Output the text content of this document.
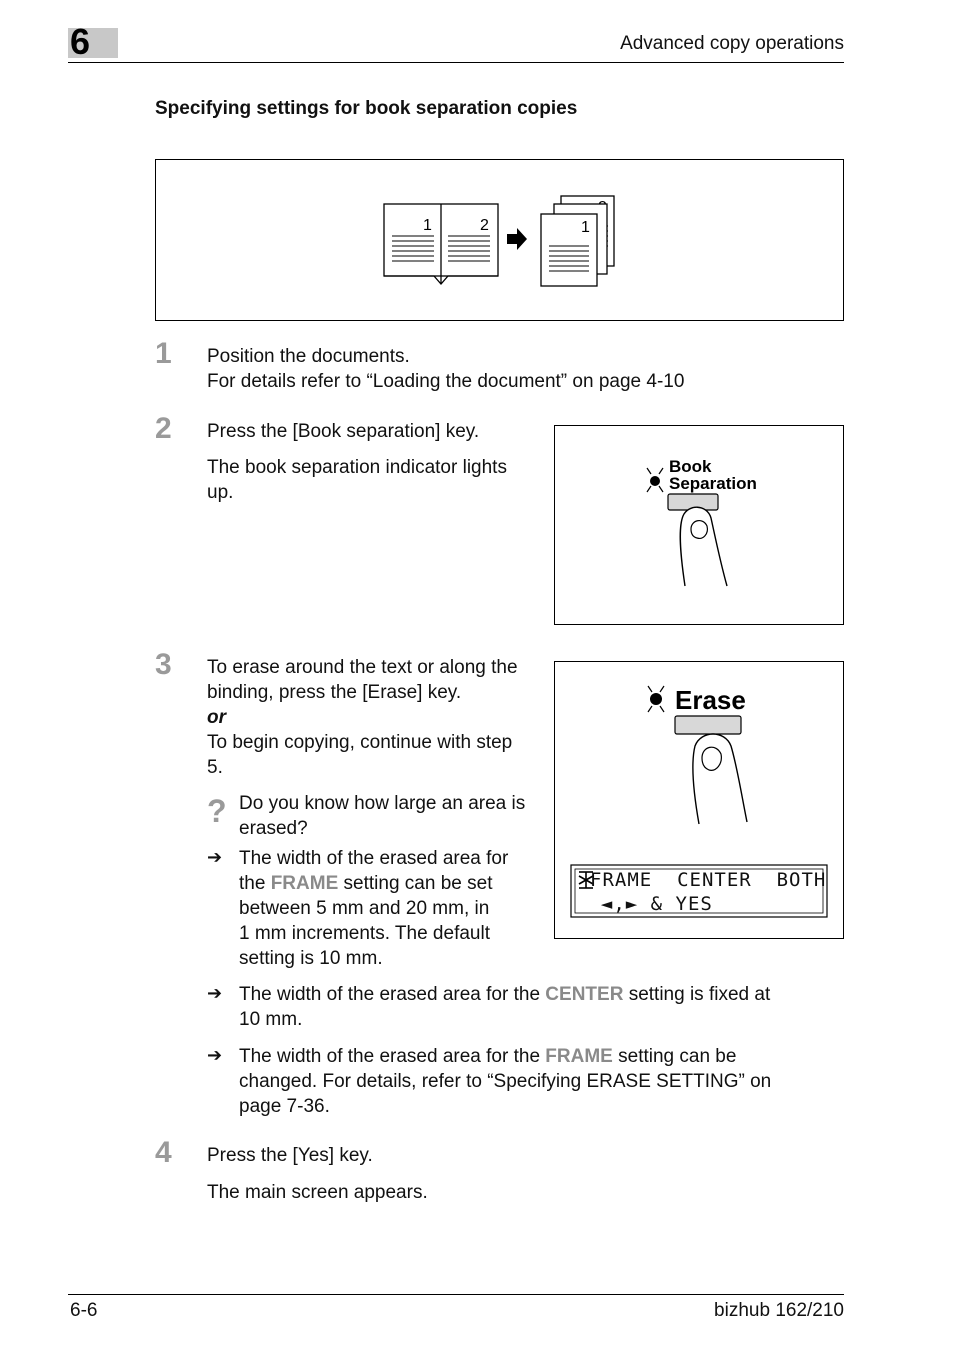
6	Advanced copy operations
Specifying settings for book separation copies
1	2	1
1 Position the documents.
For details refer to “Loading the document” on page 4-10
2 Press the [Book separation] key.
The book separation indicator lights
up.
Book
Separation
3 To erase around the text or along the
binding, press the [Erase] key.
or
To begin copying, continue with step
5.
? Do you know how large an area is
erased?
➔ The width of the erased area for
the FRAME setting can be set
between 5 mm and 20 mm, in
1 mm increments. The default
setting is 10 mm.
Erase
FRAME  CENTER  BOTH
◄,► & YES
➔ The width of the erased area for the CENTER setting is fixed at
10 mm.
➔ The width of the erased area for the FRAME setting can be
changed. For details, refer to “Specifying ERASE SETTING” on
page 7-36.
4 Press the [Yes] key.
The main screen appears.
6-6	bizhub 162/210
